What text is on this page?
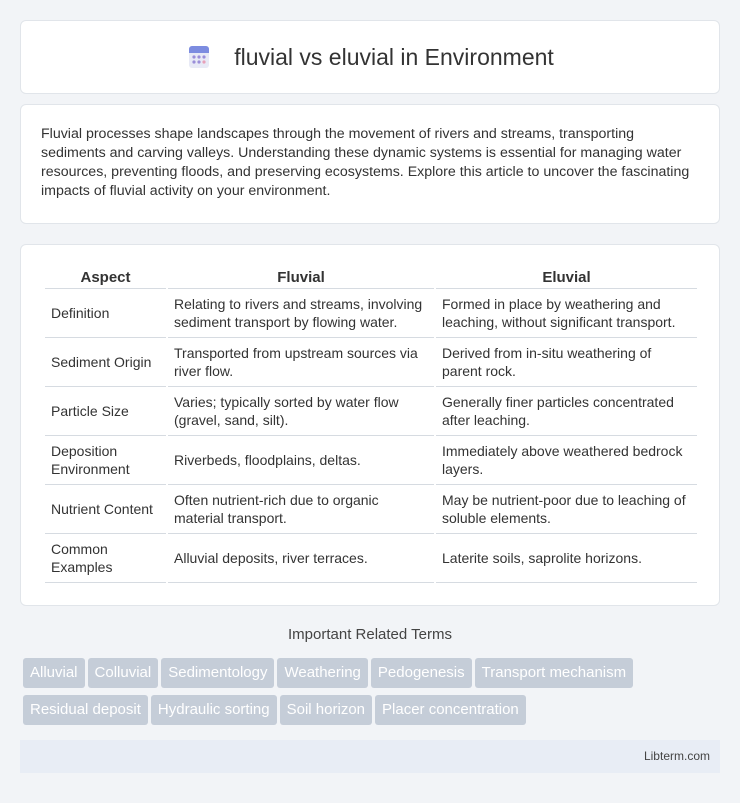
fluvial vs eluvial in Environment

Fluvial processes shape landscapes through the movement of rivers and streams, transporting sediments and carving valleys. Understanding these dynamic systems is essential for managing water resources, preventing floods, and preserving ecosystems. Explore this article to uncover the fascinating impacts of fluvial activity on your environment.

Aspect	Fluvial	Eluvial
Definition	Relating to rivers and streams, involving sediment transport by flowing water.	Formed in place by weathering and leaching, without significant transport.
Sediment Origin	Transported from upstream sources via river flow.	Derived from in-situ weathering of parent rock.
Particle Size	Varies; typically sorted by water flow (gravel, sand, silt).	Generally finer particles concentrated after leaching.
Deposition Environment	Riverbeds, floodplains, deltas.	Immediately above weathered bedrock layers.
Nutrient Content	Often nutrient-rich due to organic material transport.	May be nutrient-poor due to leaching of soluble elements.
Common Examples	Alluvial deposits, river terraces.	Laterite soils, saprolite horizons.
Important Related Terms
Alluvial Colluvial Sedimentology Weathering Pedogenesis Transport mechanism
Residual deposit Hydraulic sorting Soil horizon Placer concentration
Libterm.com
